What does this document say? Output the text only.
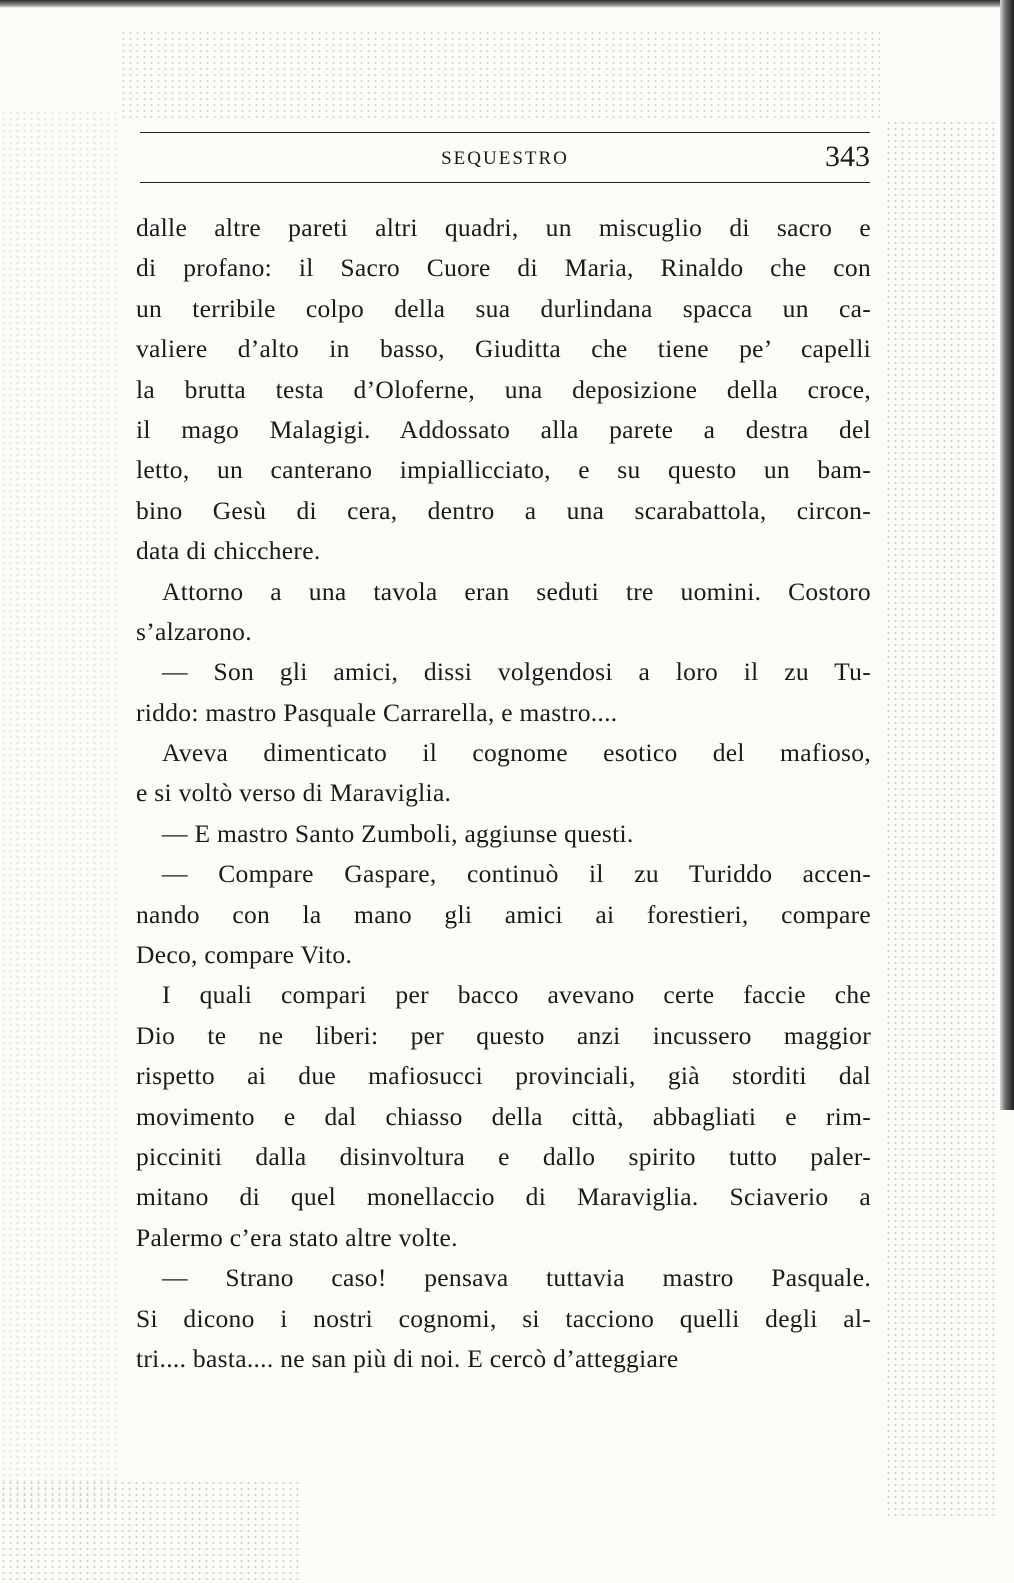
SEQUESTRO	343

dalle altre pareti altri quadri, un miscuglio di sacro e
di profano: il Sacro Cuore di Maria, Rinaldo che con
un terribile colpo della sua durlindana spacca un ca-
valiere d’alto in basso, Giuditta che tiene pe’ capelli
la brutta testa d’Oloferne, una deposizione della croce,
il mago Malagigi. Addossato alla parete a destra del
letto, un canterano impiallicciato, e su questo un bam-
bino Gesù di cera, dentro a una scarabattola, circon-
data di chicchere.

Attorno a una tavola eran seduti tre uomini. Costoro
s’alzarono.

— Son gli amici, dissi volgendosi a loro il zu Tu-
riddo: mastro Pasquale Carrarella, e mastro....

Aveva dimenticato il cognome esotico del mafioso,
e si voltò verso di Maraviglia.

— E mastro Santo Zumboli, aggiunse questi.

— Compare Gaspare, continuò il zu Turiddo accen-
nando con la mano gli amici ai forestieri, compare
Deco, compare Vito.

I quali compari per bacco avevano certe faccie che
Dio te ne liberi: per questo anzi incussero maggior
rispetto ai due mafiosucci provinciali, già storditi dal
movimento e dal chiasso della città, abbagliati e rim-
picciniti dalla disinvoltura e dallo spirito tutto paler-
mitano di quel monellaccio di Maraviglia. Sciaverio a
Palermo c’era stato altre volte.

— Strano caso! pensava tuttavia mastro Pasquale.
Si dicono i nostri cognomi, si tacciono quelli degli al-
tri.... basta.... ne san più di noi. E cercò d’atteggiare
